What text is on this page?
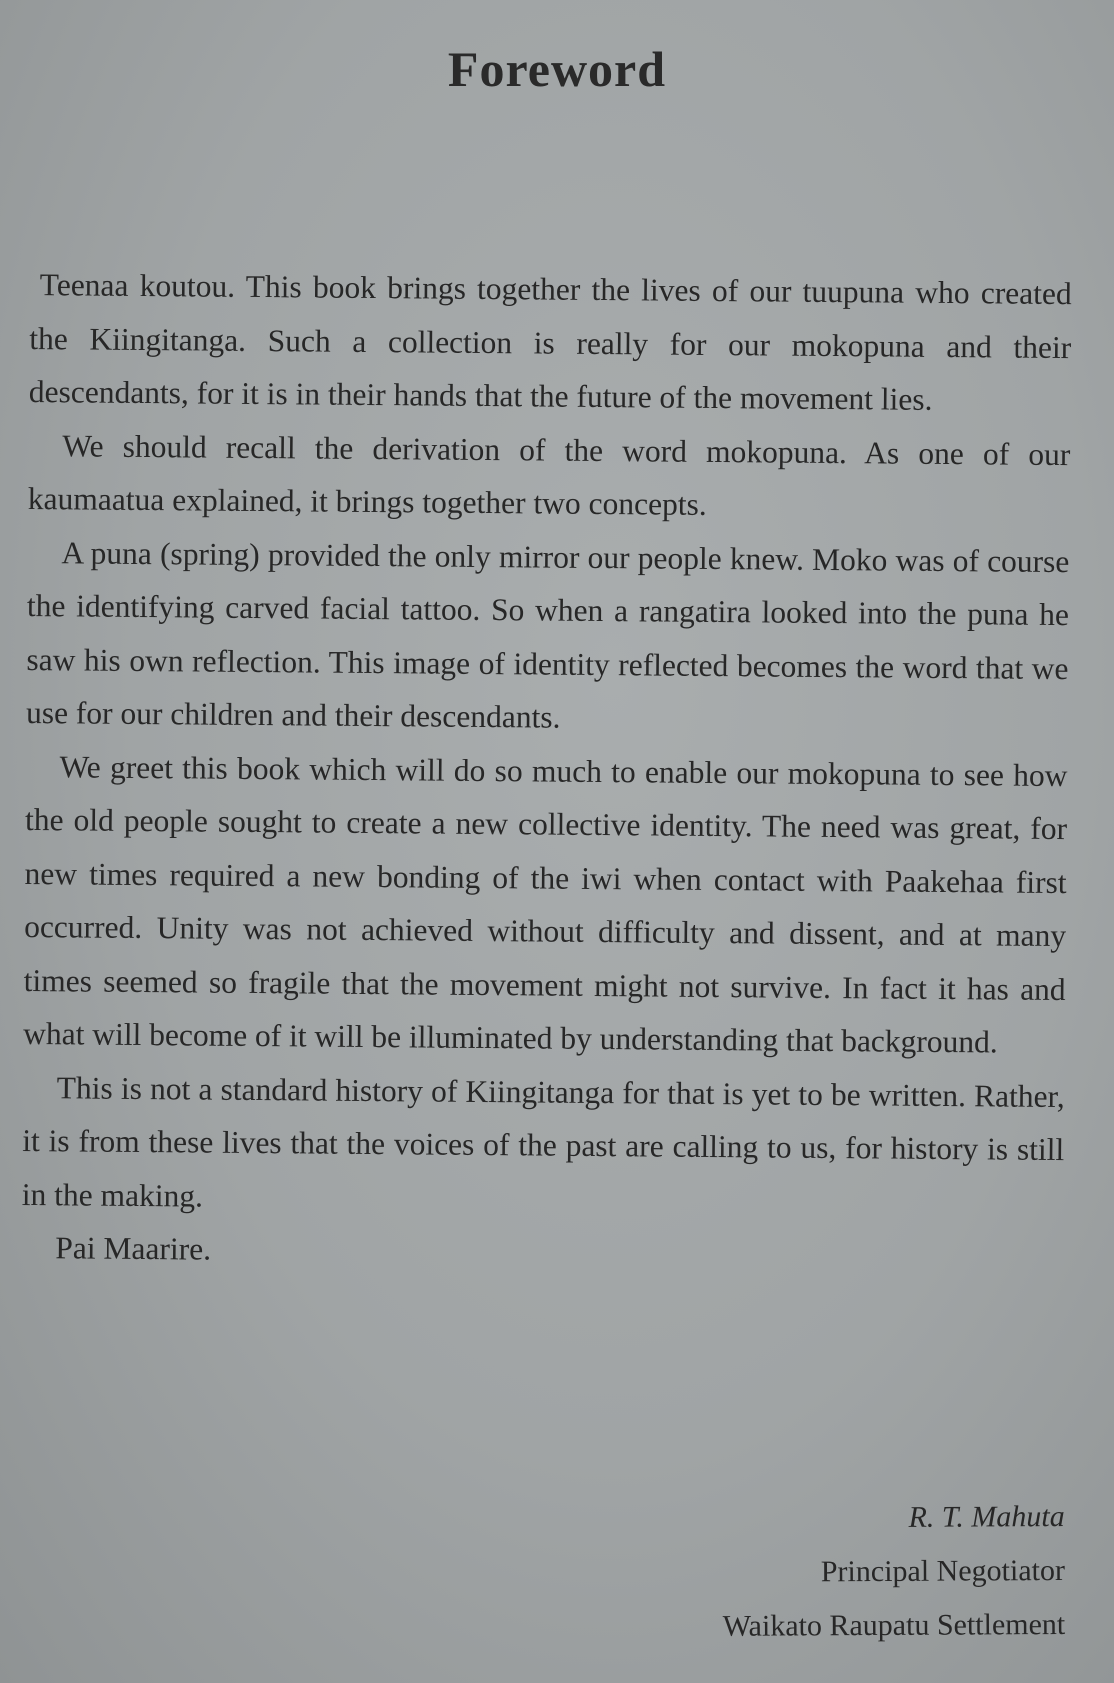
Foreword

Teenaa koutou. This book brings together the lives of our tuupuna who created the Kiingitanga. Such a collection is really for our mokopuna and their descendants, for it is in their hands that the future of the movement lies.

We should recall the derivation of the word mokopuna. As one of our kaumaatua explained, it brings together two concepts.

A puna (spring) provided the only mirror our people knew. Moko was of course the identifying carved facial tattoo. So when a rangatira looked into the puna he saw his own reflection. This image of identity reflected becomes the word that we use for our children and their descendants.

We greet this book which will do so much to enable our mokopuna to see how the old people sought to create a new collective identity. The need was great, for new times required a new bonding of the iwi when contact with Paakehaa first occurred. Unity was not achieved without difficulty and dissent, and at many times seemed so fragile that the movement might not survive. In fact it has and what will become of it will be illuminated by understanding that background.

This is not a standard history of Kiingitanga for that is yet to be written. Rather, it is from these lives that the voices of the past are calling to us, for history is still in the making.

Pai Maarire.

R. T. Mahuta
Principal Negotiator
Waikato Raupatu Settlement
